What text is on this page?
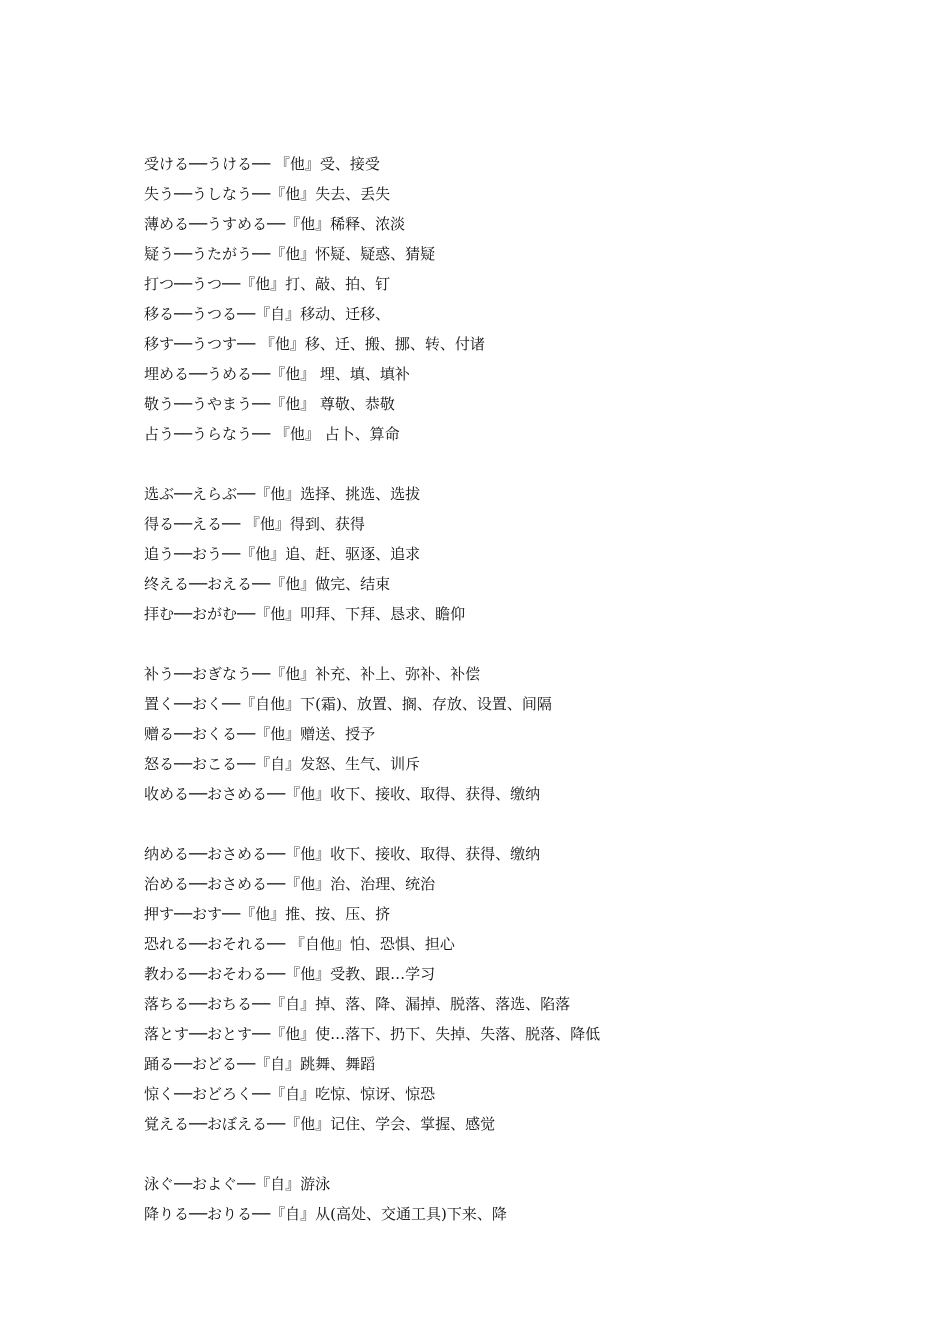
受ける──うける── 『他』受、接受
失う──うしなう──『他』失去、丢失
薄める──うすめる──『他』稀释、浓淡
疑う──うたがう──『他』怀疑、疑惑、猜疑
打つ──うつ──『他』打、敲、拍、钉
移る──うつる──『自』移动、迁移、
移す──うつす── 『他』移、迁、搬、挪、转、付诸
埋める──うめる──『他』 埋、填、填补
敬う──うやまう──『他』 尊敬、恭敬
占う──うらなう── 『他』 占卜、算命
选ぶ──えらぶ──『他』选择、挑选、选拔
得る──える── 『他』得到、获得
追う──おう──『他』追、赶、驱逐、追求
终える──おえる──『他』做完、结束
拝む──おがむ──『他』叩拜、下拜、恳求、瞻仰
补う──おぎなう──『他』补充、补上、弥补、补偿
置く──おく──『自他』下(霜)、放置、搁、存放、设置、间隔
赠る──おくる──『他』赠送、授予
怒る──おこる──『自』发怒、生气、训斥
收める──おさめる──『他』收下、接收、取得、获得、缴纳
纳める──おさめる──『他』收下、接收、取得、获得、缴纳
治める──おさめる──『他』治、治理、统治
押す──おす──『他』推、按、压、挤
恐れる──おそれる── 『自他』怕、恐惧、担心
教わる──おそわる──『他』受教、跟…学习
落ちる──おちる──『自』掉、落、降、漏掉、脱落、落选、陷落
落とす──おとす──『他』使…落下、扔下、失掉、失落、脱落、降低
踊る──おどる──『自』跳舞、舞蹈
惊く──おどろく──『自』吃惊、惊讶、惊恐
覚える──おぼえる──『他』记住、学会、掌握、感觉
泳ぐ──およぐ──『自』游泳
降りる──おりる──『自』从(高处、交通工具)下来、降
